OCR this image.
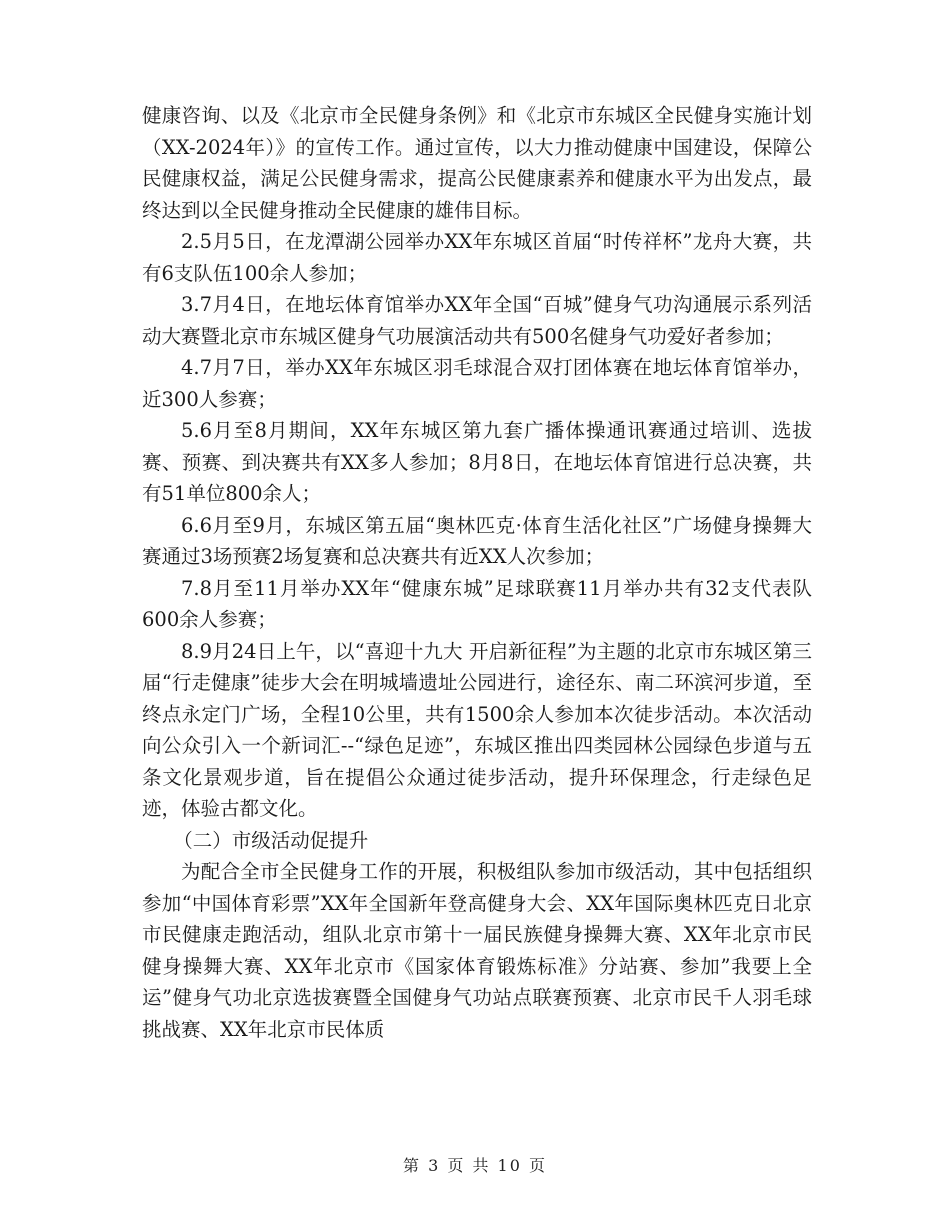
健康咨询、以及《北京市全民健身条例》和《北京市东城区全民健身实施计划（XX-2024年）》的宣传工作。通过宣传，以大力推动健康中国建设，保障公民健康权益，满足公民健身需求，提高公民健康素养和健康水平为出发点，最终达到以全民健身推动全民健康的雄伟目标。

2.5月5日，在龙潭湖公园举办XX年东城区首届“时传祥杯”龙舟大赛，共有6支队伍100余人参加；

3.7月4日，在地坛体育馆举办XX年全国“百城”健身气功沟通展示系列活动大赛暨北京市东城区健身气功展演活动共有500名健身气功爱好者参加；

4.7月7日，举办XX年东城区羽毛球混合双打团体赛在地坛体育馆举办，近300人参赛；

5.6月至8月期间，XX年东城区第九套广播体操通讯赛通过培训、选拔赛、预赛、到决赛共有XX多人参加；8月8日，在地坛体育馆进行总决赛，共有51单位800余人；

6.6月至9月，东城区第五届“奥林匹克·体育生活化社区”广场健身操舞大赛通过3场预赛2场复赛和总决赛共有近XX人次参加；

7.8月至11月举办XX年“健康东城”足球联赛11月举办共有32支代表队600余人参赛；

8.9月24日上午，以“喜迎十九大 开启新征程”为主题的北京市东城区第三届“行走健康”徒步大会在明城墙遗址公园进行，途径东、南二环滨河步道，至终点永定门广场，全程10公里，共有1500余人参加本次徒步活动。本次活动向公众引入一个新词汇--“绿色足迹”，东城区推出四类园林公园绿色步道与五条文化景观步道，旨在提倡公众通过徒步活动，提升环保理念，行走绿色足迹，体验古都文化。

（二）市级活动促提升

为配合全市全民健身工作的开展，积极组队参加市级活动，其中包括组织参加“中国体育彩票”XX年全国新年登高健身大会、XX年国际奥林匹克日北京市民健康走跑活动，组队北京市第十一届民族健身操舞大赛、XX年北京市民健身操舞大赛、XX年北京市《国家体育锻炼标准》分站赛、参加”我要上全运”健身气功北京选拔赛暨全国健身气功站点联赛预赛、北京市民千人羽毛球挑战赛、XX年北京市民体质

第 3 页 共 10 页
